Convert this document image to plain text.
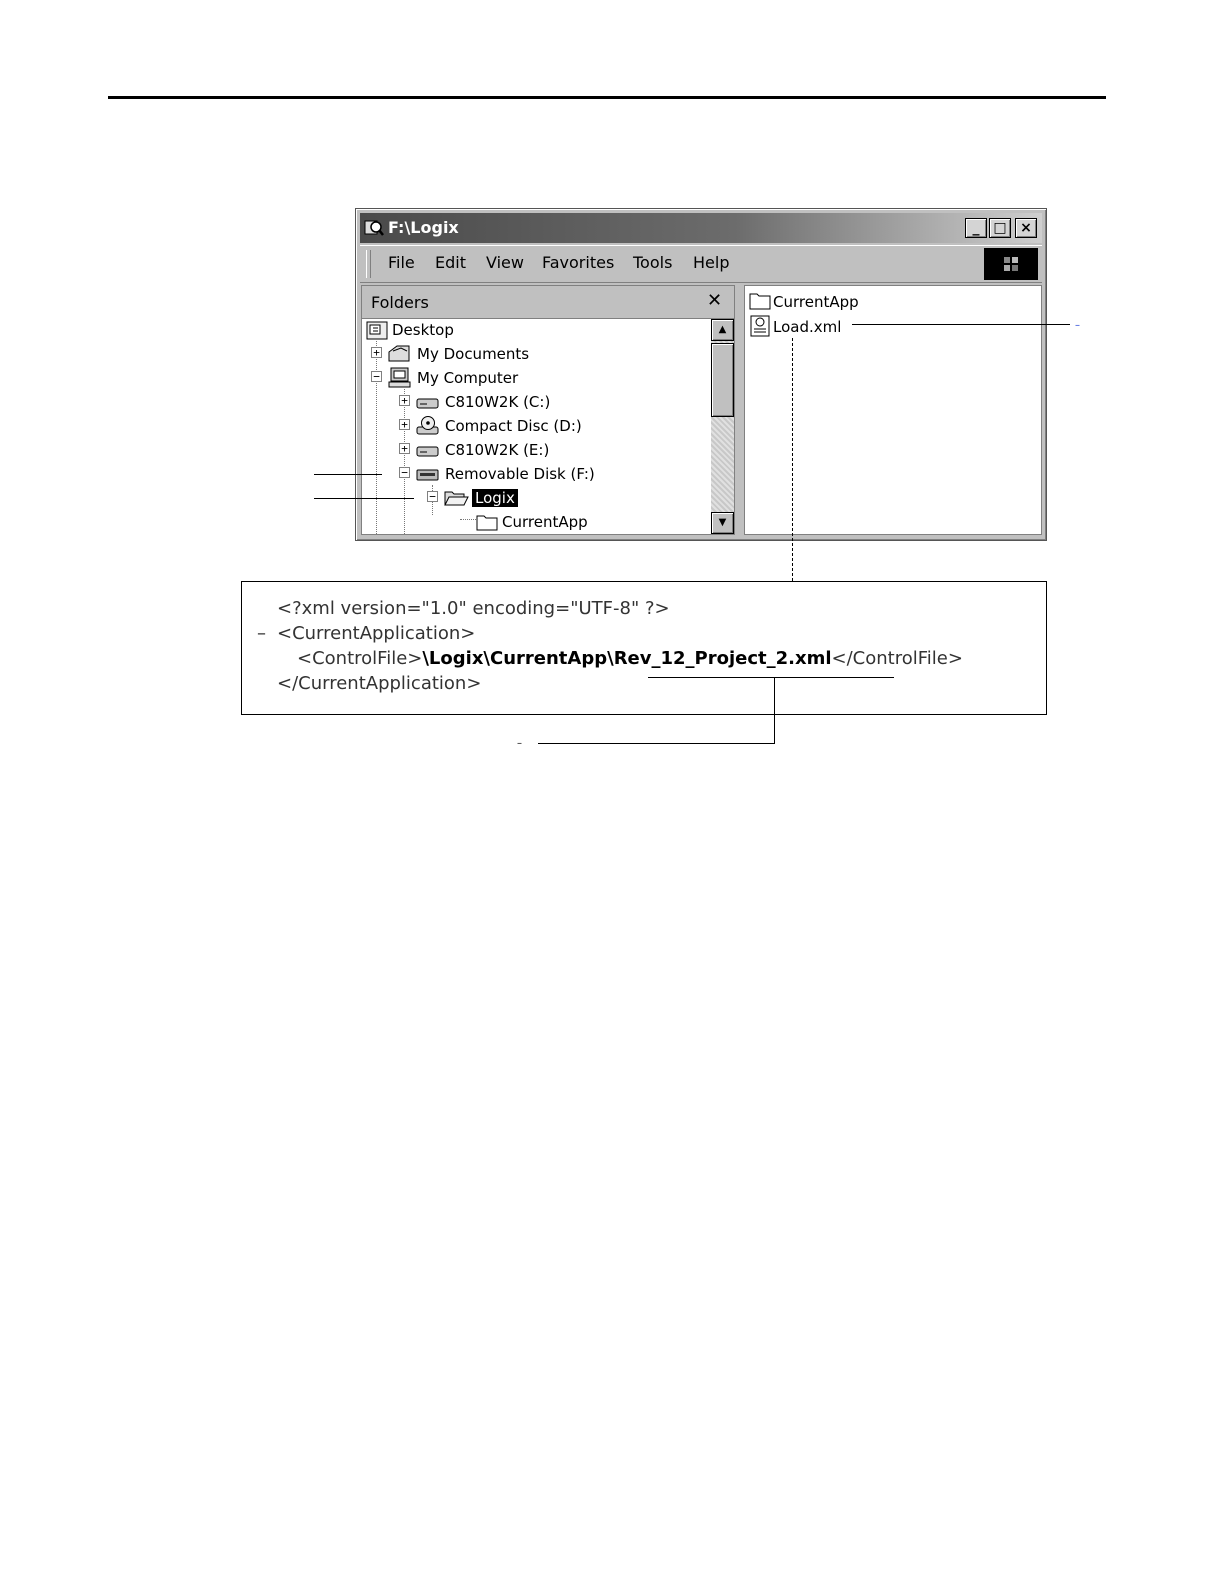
F:\Logix	_ □ ×
File Edit View Favorites Tools Help
Folders	✕
Desktop
+ My Documents
− My Computer
+ C810W2K (C:)
+ Compact Disc (D:)
+ C810W2K (E:)
− Removable Disk (F:)
−	Logix
CurrentApp
▲
▼
CurrentApp
Load.xml	–
<?xml version="1.0" encoding="UTF-8" ?>
– <CurrentApplication>
<ControlFile>\Logix\CurrentApp\Rev_12_Project_2.xml</ControlFile>
</CurrentApplication>
–
